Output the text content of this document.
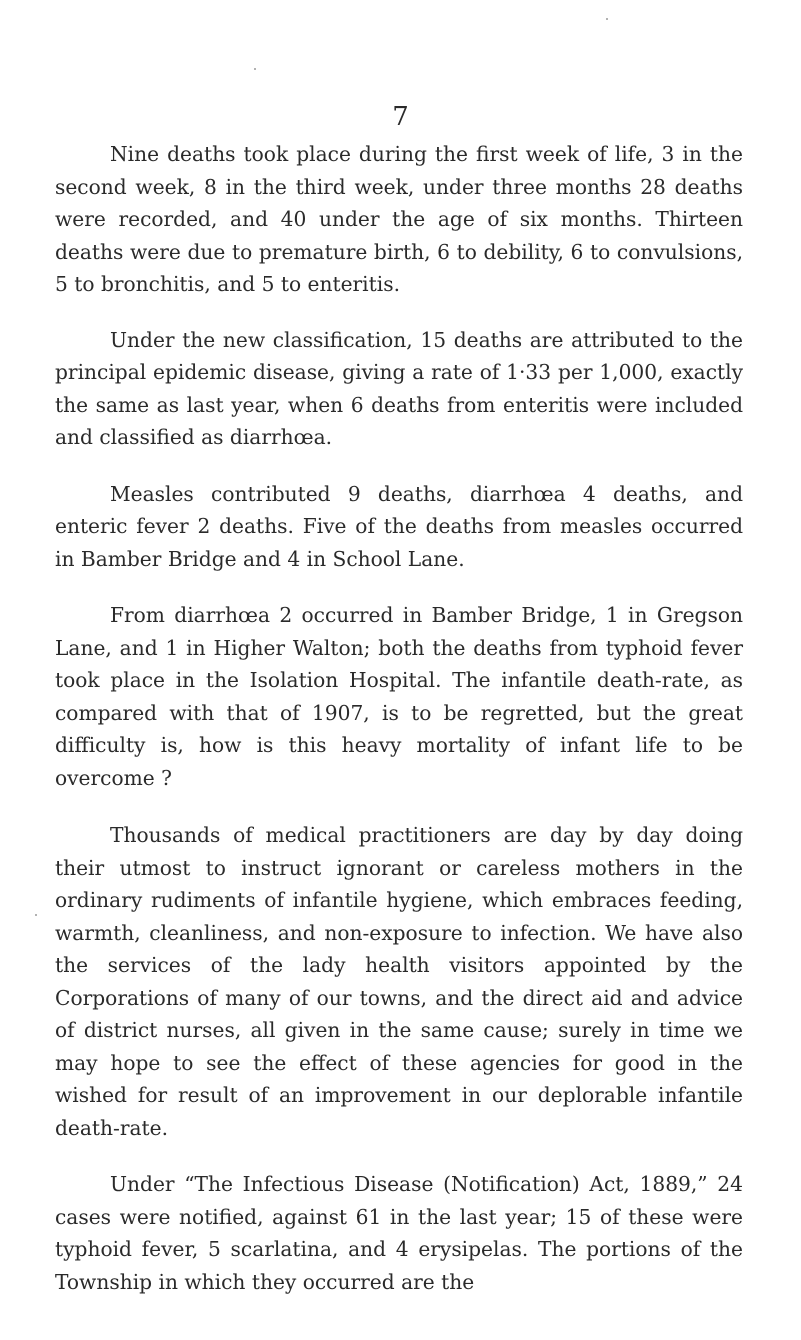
7

Nine deaths took place during the first week of life, 3 in the second week, 8 in the third week, under three months 28 deaths were recorded, and 40 under the age of six months. Thirteen deaths were due to premature birth, 6 to debility, 6 to convulsions, 5 to bronchitis, and 5 to enteritis.

Under the new classification, 15 deaths are attributed to the principal epidemic disease, giving a rate of 1·33 per 1,000, exactly the same as last year, when 6 deaths from enteritis were included and classified as diarrhœa.

Measles contributed 9 deaths, diarrhœa 4 deaths, and enteric fever 2 deaths. Five of the deaths from measles occurred in Bamber Bridge and 4 in School Lane.

From diarrhœa 2 occurred in Bamber Bridge, 1 in Gregson Lane, and 1 in Higher Walton; both the deaths from typhoid fever took place in the Isolation Hospital. The infantile death-rate, as compared with that of 1907, is to be regretted, but the great difficulty is, how is this heavy mortality of infant life to be overcome ?

Thousands of medical practitioners are day by day doing their utmost to instruct ignorant or careless mothers in the ordinary rudiments of infantile hygiene, which embraces feeding, warmth, cleanliness, and non-exposure to infection. We have also the services of the lady health visitors appointed by the Corporations of many of our towns, and the direct aid and advice of district nurses, all given in the same cause; surely in time we may hope to see the effect of these agencies for good in the wished for result of an improvement in our deplorable infantile death-rate.

Under “The Infectious Disease (Notification) Act, 1889,” 24 cases were notified, against 61 in the last year; 15 of these were typhoid fever, 5 scarlatina, and 4 erysipelas. The portions of the Township in which they occurred are the
